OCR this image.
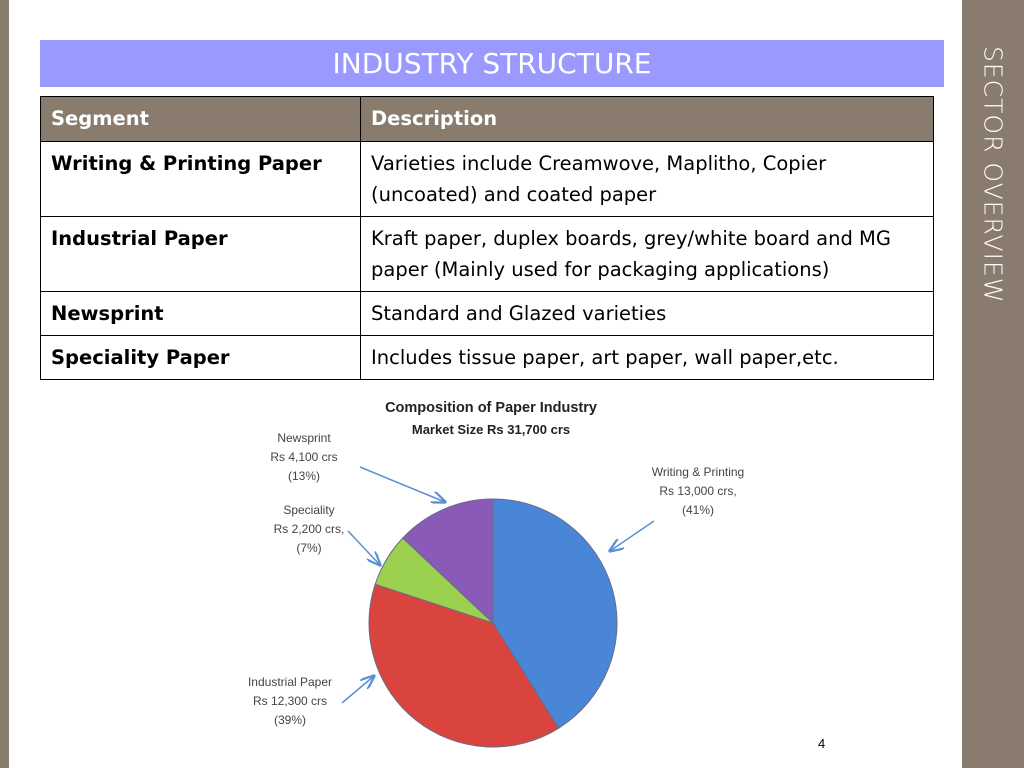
SECTOR OVERVIEW
INDUSTRY STRUCTURE
Segment	Description
Writing & Printing Paper	Varieties include Creamwove, Maplitho, Copier (uncoated) and coated paper
Industrial Paper	Kraft paper, duplex boards, grey/white board and MG paper (Mainly used for packaging applications)
Newsprint	Standard and Glazed varieties
Speciality Paper	Includes tissue paper, art paper, wall paper,etc.
Composition of Paper Industry
Market Size Rs 31,700 crs
Writing & Printing Rs 13,000 crs, (41%)
Industrial Paper Rs 12,300 crs (39%)
Speciality Rs 2,200 crs, (7%)
Newsprint Rs 4,100 crs (13%)
4
